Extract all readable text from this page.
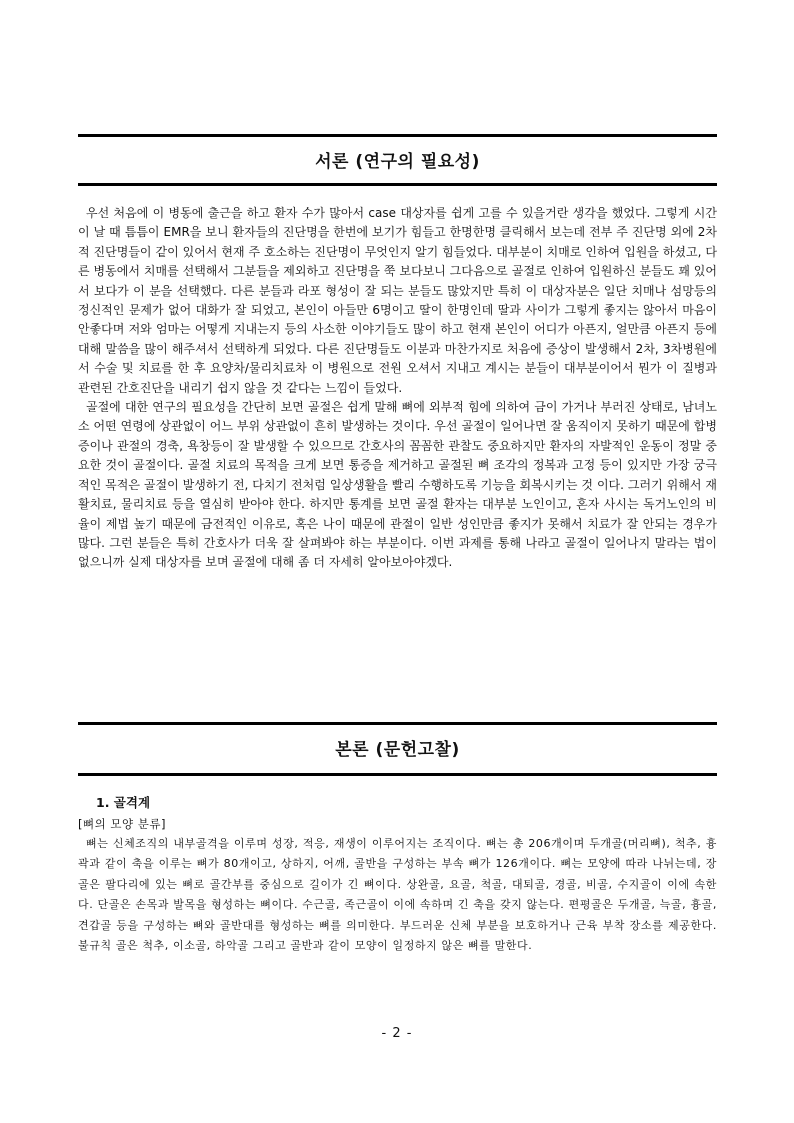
서론 (연구의 필요성)

우선 처음에 이 병동에 출근을 하고 환자 수가 많아서 case 대상자를 쉽게 고를 수 있을거란 생각을 했었다. 그렇게 시간이 날 때 틈틈이 EMR을 보니 환자들의 진단명을 한번에 보기가 힘들고 한명한명 클릭해서 보는데 전부 주 진단명 외에 2차적 진단명들이 같이 있어서 현재 주 호소하는 진단명이 무엇인지 알기 힘들었다. 대부분이 치매로 인하여 입원을 하셨고, 다른 병동에서 치매를 선택해서 그분들을 제외하고 진단명을 쭉 보다보니 그다음으로 골절로 인하여 입원하신 분들도 꽤 있어서 보다가 이 분을 선택했다. 다른 분들과 라포 형성이 잘 되는 분들도 많았지만 특히 이 대상자분은 일단 치매나 섬망등의 정신적인 문제가 없어 대화가 잘 되었고, 본인이 아들만 6명이고 딸이 한명인데 딸과 사이가 그렇게 좋지는 않아서 마음이 안좋다며 저와 엄마는 어떻게 지내는지 등의 사소한 이야기들도 많이 하고 현재 본인이 어디가 아픈지, 얼만큼 아픈지 등에 대해 말씀을 많이 해주셔서 선택하게 되었다. 다른 진단명들도 이분과 마찬가지로 처음에 증상이 발생해서 2차, 3차병원에서 수술 및 치료를 한 후 요양차/물리치료차 이 병원으로 전원 오셔서 지내고 계시는 분들이 대부분이어서 뭔가 이 질병과 관련된 간호진단을 내리기 쉽지 않을 것 같다는 느낌이 들었다.

골절에 대한 연구의 필요성을 간단히 보면 골절은 쉽게 말해 뼈에 외부적 힘에 의하여 금이 가거나 부러진 상태로, 남녀노소 어떤 연령에 상관없이 어느 부위 상관없이 흔히 발생하는 것이다. 우선 골절이 일어나면 잘 움직이지 못하기 때문에 합병증이나 관절의 경축, 욕창등이 잘 발생할 수 있으므로 간호사의 꼼꼼한 관찰도 중요하지만 환자의 자발적인 운동이 정말 중요한 것이 골절이다. 골절 치료의 목적을 크게 보면 통증을 제거하고 골절된 뼈 조각의 정복과 고정 등이 있지만 가장 궁극적인 목적은 골절이 발생하기 전, 다치기 전처럼 일상생활을 빨리 수행하도록 기능을 회복시키는 것 이다. 그러기 위해서 재활치료, 물리치료 등을 열심히 받아야 한다. 하지만 통계를 보면 골절 환자는 대부분 노인이고, 혼자 사시는 독거노인의 비율이 제법 높기 때문에 금전적인 이유로, 혹은 나이 때문에 관절이 일반 성인만큼 좋지가 못해서 치료가 잘 안되는 경우가 많다. 그런 분들은 특히 간호사가 더욱 잘 살펴봐야 하는 부분이다. 이번 과제를 통해 나라고 골절이 일어나지 말라는 법이 없으니까 실제 대상자를 보며 골절에 대해 좀 더 자세히 알아보아야겠다.

본론 (문헌고찰)
1. 골격계
[뼈의 모양 분류]

뼈는 신체조직의 내부골격을 이루며 성장, 적응, 재생이 이루어지는 조직이다. 뼈는 총 206개이며 두개골(머리뼈), 척추, 흉곽과 같이 축을 이루는 뼈가 80개이고, 상하지, 어깨, 골반을 구성하는 부속 뼈가 126개이다. 뼈는 모양에 따라 나뉘는데, 장골은 팔다리에 있는 뼈로 골간부를 중심으로 길이가 긴 뼈이다. 상완골, 요골, 척골, 대퇴골, 경골, 비골, 수지골이 이에 속한다. 단골은 손목과 발목을 형성하는 뼈이다. 수근골, 족근골이 이에 속하며 긴 축을 갖지 않는다. 편평골은 두개골, 늑골, 흉골, 견갑골 등을 구성하는 뼈와 골반대를 형성하는 뼈를 의미한다. 부드러운 신체 부분을 보호하거나 근육 부착 장소를 제공한다. 불규칙 골은 척추, 이소골, 하악골 그리고 골반과 같이 모양이 일정하지 않은 뼈를 말한다.

- 2 -
